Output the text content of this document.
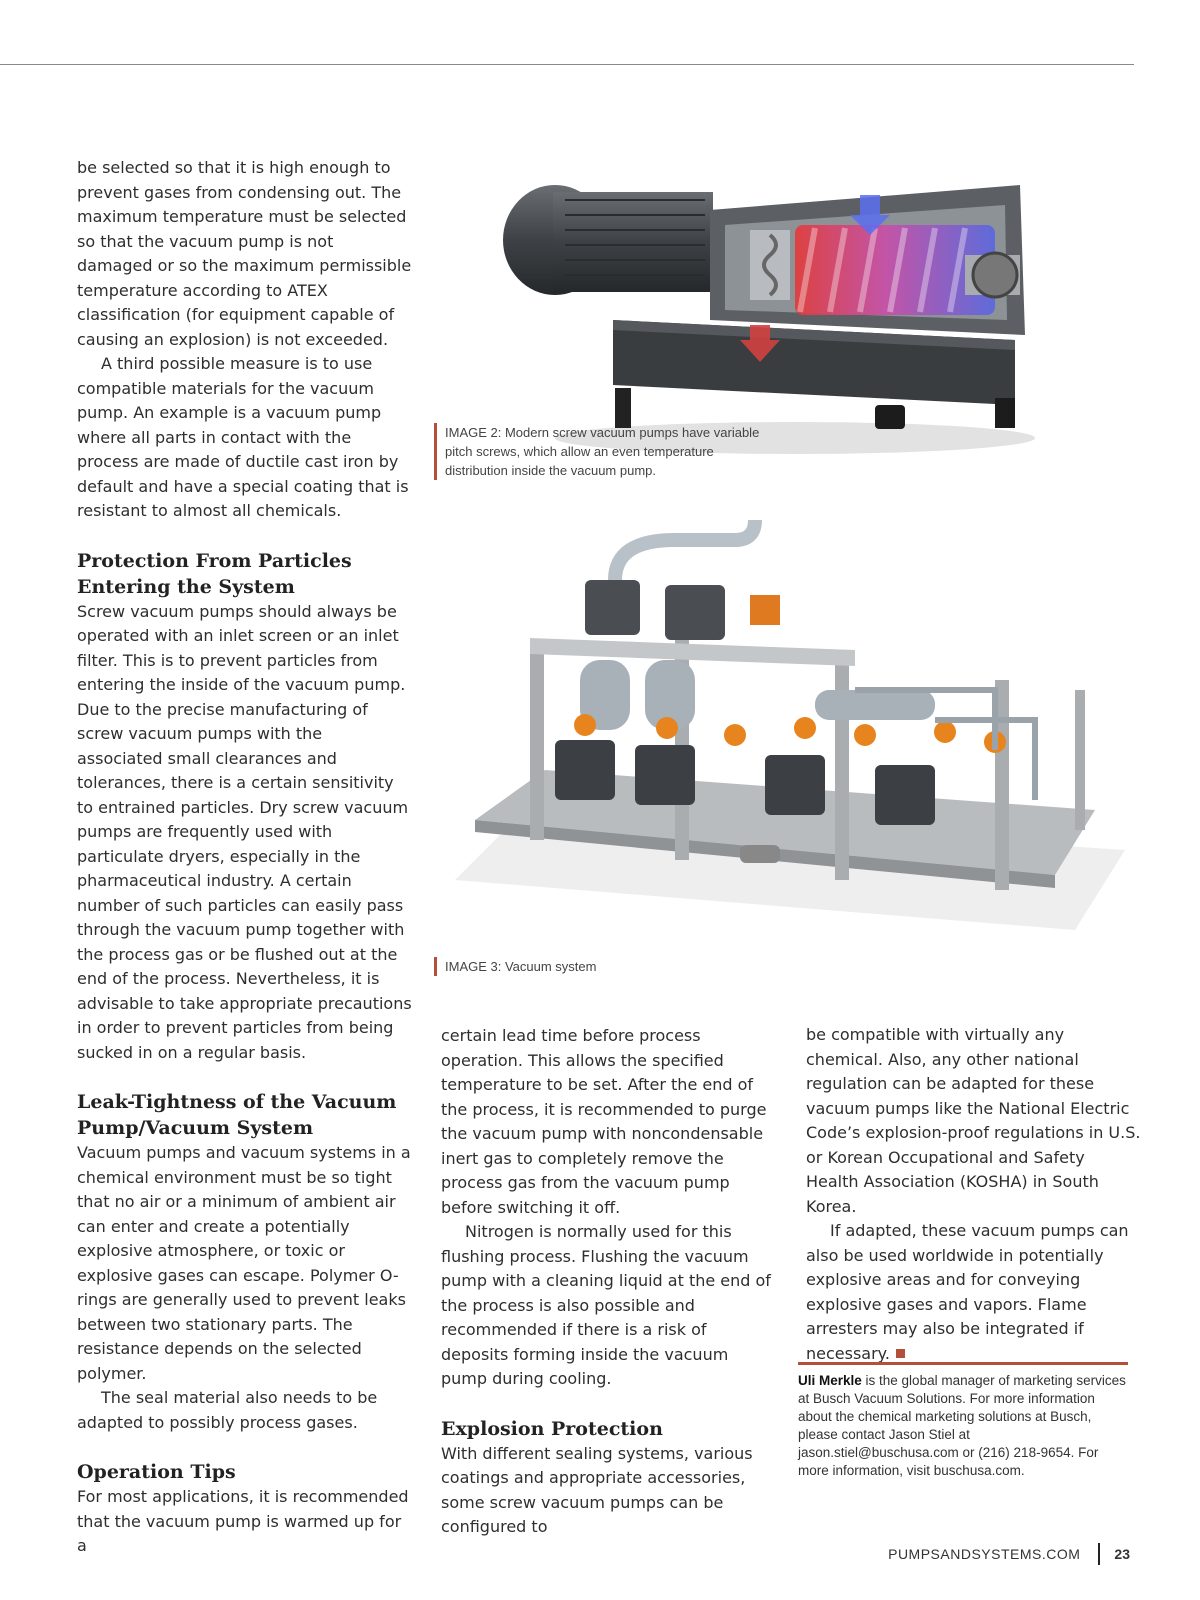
be selected so that it is high enough to prevent gases from condensing out. The maximum temperature must be selected so that the vacuum pump is not damaged or so the maximum permissible temperature according to ATEX classification (for equipment capable of causing an explosion) is not exceeded.

A third possible measure is to use compatible materials for the vacuum pump. An example is a vacuum pump where all parts in contact with the process are made of ductile cast iron by default and have a special coating that is resistant to almost all chemicals.

Protection From Particles Entering the System

Screw vacuum pumps should always be operated with an inlet screen or an inlet filter. This is to prevent particles from entering the inside of the vacuum pump. Due to the precise manufacturing of screw vacuum pumps with the associated small clearances and tolerances, there is a certain sensitivity to entrained particles. Dry screw vacuum pumps are frequently used with particulate dryers, especially in the pharmaceutical industry. A certain number of such particles can easily pass through the vacuum pump together with the process gas or be flushed out at the end of the process. Nevertheless, it is advisable to take appropriate precautions in order to prevent particles from being sucked in on a regular basis.

Leak-Tightness of the Vacuum Pump/Vacuum System

Vacuum pumps and vacuum systems in a chemical environment must be so tight that no air or a minimum of ambient air can enter and create a potentially explosive atmosphere, or toxic or explosive gases can escape. Polymer O-rings are generally used to prevent leaks between two stationary parts. The resistance depends on the selected polymer.

The seal material also needs to be adapted to possibly process gases.

Operation Tips

For most applications, it is recommended that the vacuum pump is warmed up for a

IMAGE 2: Modern screw vacuum pumps have variable pitch screws, which allow an even temperature distribution inside the vacuum pump.
IMAGE 3: Vacuum system

certain lead time before process operation. This allows the specified temperature to be set. After the end of the process, it is recommended to purge the vacuum pump with noncondensable inert gas to completely remove the process gas from the vacuum pump before switching it off.

Nitrogen is normally used for this flushing process. Flushing the vacuum pump with a cleaning liquid at the end of the process is also possible and recommended if there is a risk of deposits forming inside the vacuum pump during cooling.

Explosion Protection

With different sealing systems, various coatings and appropriate accessories, some screw vacuum pumps can be configured to

be compatible with virtually any chemical. Also, any other national regulation can be adapted for these vacuum pumps like the National Electric Code’s explosion-proof regulations in U.S. or Korean Occupational and Safety Health Association (KOSHA) in South Korea.

If adapted, these vacuum pumps can also be used worldwide in potentially explosive areas and for conveying explosive gases and vapors. Flame arresters may also be integrated if necessary.

Uli Merkle is the global manager of marketing services at Busch Vacuum Solutions. For more information about the chemical marketing solutions at Busch, please contact Jason Stiel at jason.stiel@buschusa.com or (216) 218-9654. For more information, visit buschusa.com.
PUMPSANDSYSTEMS.COM 23
